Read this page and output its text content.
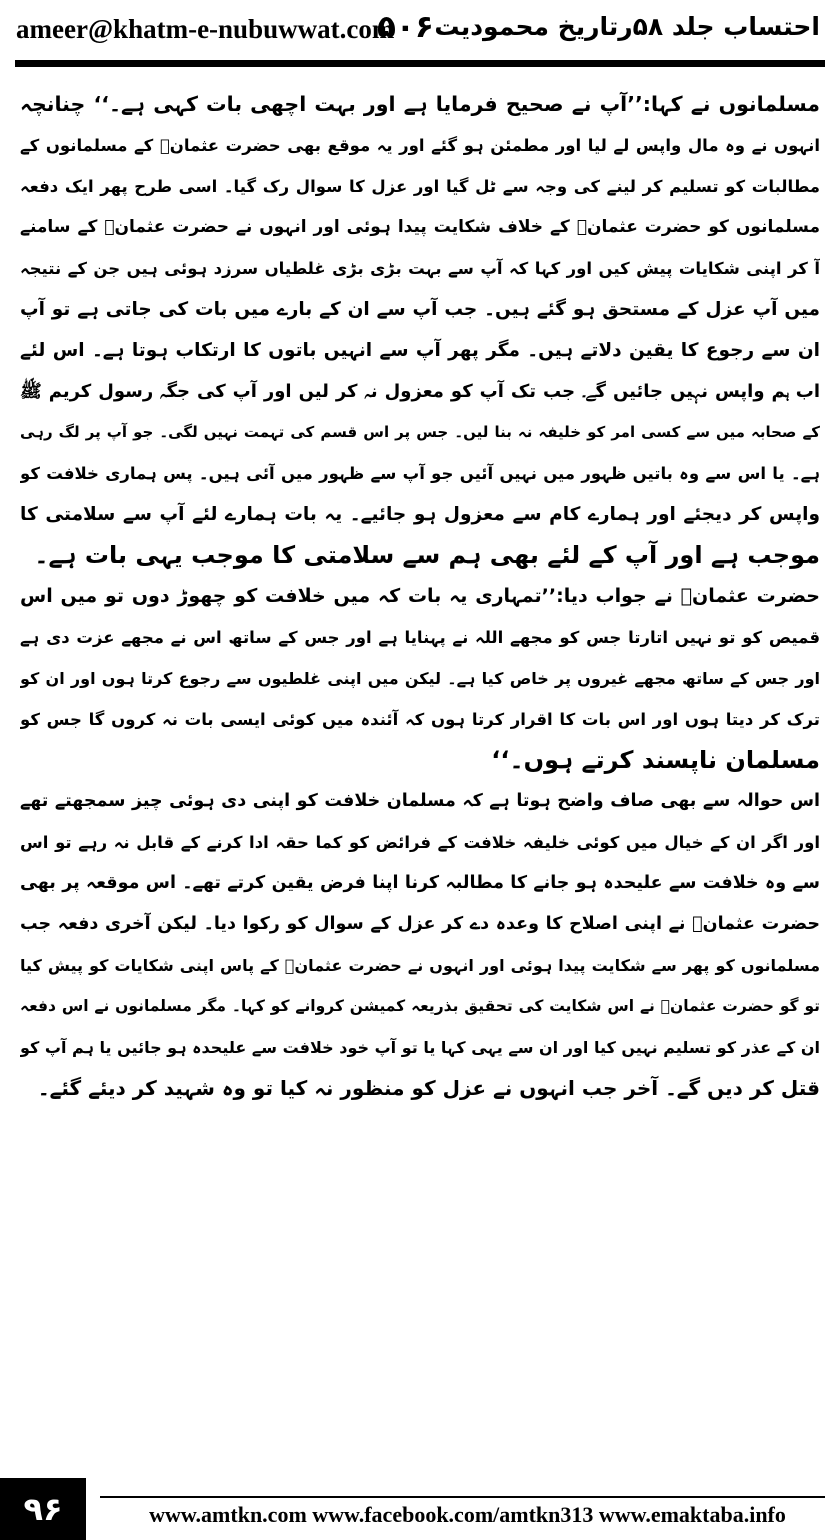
ameer@khatm-e-nubuwwat.com
۵۰۶ احتساب جلد ۵۸رتاریخ محمودیت
مسلمانوں نے کہا:’’آپ نے صحیح فرمایا ہے اور بہت اچھی بات کہی ہے۔‘‘ چنانچہ
انہوں نے وہ مال واپس لے لیا اور مطمئن ہو گئے اور یہ موقع بھی حضرت عثمانؓ کے مسلمانوں کے
مطالبات کو تسلیم کر لینے کی وجہ سے ٹل گیا اور عزل کا سوال رک گیا۔ اسی طرح پھر ایک دفعہ
مسلمانوں کو حضرت عثمانؓ کے خلاف شکایت پیدا ہوئی اور انہوں نے حضرت عثمانؓ کے سامنے
آ کر اپنی شکایات پیش کیں اور کہا کہ آپ سے بہت بڑی بڑی غلطیاں سرزد ہوئی ہیں جن کے نتیجہ
میں آپ عزل کے مستحق ہو گئے ہیں۔ جب آپ سے ان کے بارے میں بات کی جاتی ہے تو آپ
ان سے رجوع کا یقین دلاتے ہیں۔ مگر پھر آپ سے انہیں باتوں کا ارتکاب ہوتا ہے۔ اس لئے
اب ہم واپس نہیں جائیں گے۔ جب تک آپ کو معزول نہ کر لیں اور آپ کی جگہ رسول کریم ﷺ
کے صحابہ میں سے کسی امر کو خلیفہ نہ بنا لیں۔ جس پر اس قسم کی تہمت نہیں لگی۔ جو آپ پر لگ رہی
ہے۔ یا اس سے وہ باتیں ظہور میں نہیں آئیں جو آپ سے ظہور میں آئی ہیں۔ پس ہماری خلافت کو
واپس کر دیجئے اور ہمارے کام سے معزول ہو جائیے۔ یہ بات ہمارے لئے آپ سے سلامتی کا
موجب ہے اور آپ کے لئے بھی ہم سے سلامتی کا موجب یہی بات ہے۔
حضرت عثمانؓ نے جواب دیا:’’تمہاری یہ بات کہ میں خلافت کو چھوڑ دوں تو میں اس
قمیص کو تو نہیں اتارتا جس کو مجھے اللہ نے پہنایا ہے اور جس کے ساتھ اس نے مجھے عزت دی ہے
اور جس کے ساتھ مجھے غیروں پر خاص کیا ہے۔ لیکن میں اپنی غلطیوں سے رجوع کرتا ہوں اور ان کو
ترک کر دیتا ہوں اور اس بات کا اقرار کرتا ہوں کہ آئندہ میں کوئی ایسی بات نہ کروں گا جس کو
مسلمان ناپسند کرتے ہوں۔‘‘
اس حوالہ سے بھی صاف واضح ہوتا ہے کہ مسلمان خلافت کو اپنی دی ہوئی چیز سمجھتے تھے
اور اگر ان کے خیال میں کوئی خلیفہ خلافت کے فرائض کو کما حقہ ادا کرنے کے قابل نہ رہے تو اس
سے وہ خلافت سے علیحدہ ہو جانے کا مطالبہ کرنا اپنا فرض یقین کرتے تھے۔ اس موقعہ پر بھی
حضرت عثمانؓ نے اپنی اصلاح کا وعدہ دے کر عزل کے سوال کو رکوا دیا۔ لیکن آخری دفعہ جب
مسلمانوں کو پھر سے شکایت پیدا ہوئی اور انہوں نے حضرت عثمانؓ کے پاس اپنی شکایات کو پیش کیا
تو گو حضرت عثمانؓ نے اس شکایت کی تحقیق بذریعہ کمیشن کروانے کو کہا۔ مگر مسلمانوں نے اس دفعہ
ان کے عذر کو تسلیم نہیں کیا اور ان سے یہی کہا یا تو آپ خود خلافت سے علیحدہ ہو جائیں یا ہم آپ کو
قتل کر دیں گے۔ آخر جب انہوں نے عزل کو منظور نہ کیا تو وہ شہید کر دیئے گئے۔
۹۶	www.amtkn.com www.facebook.com/amtkn313 www.emaktaba.info
